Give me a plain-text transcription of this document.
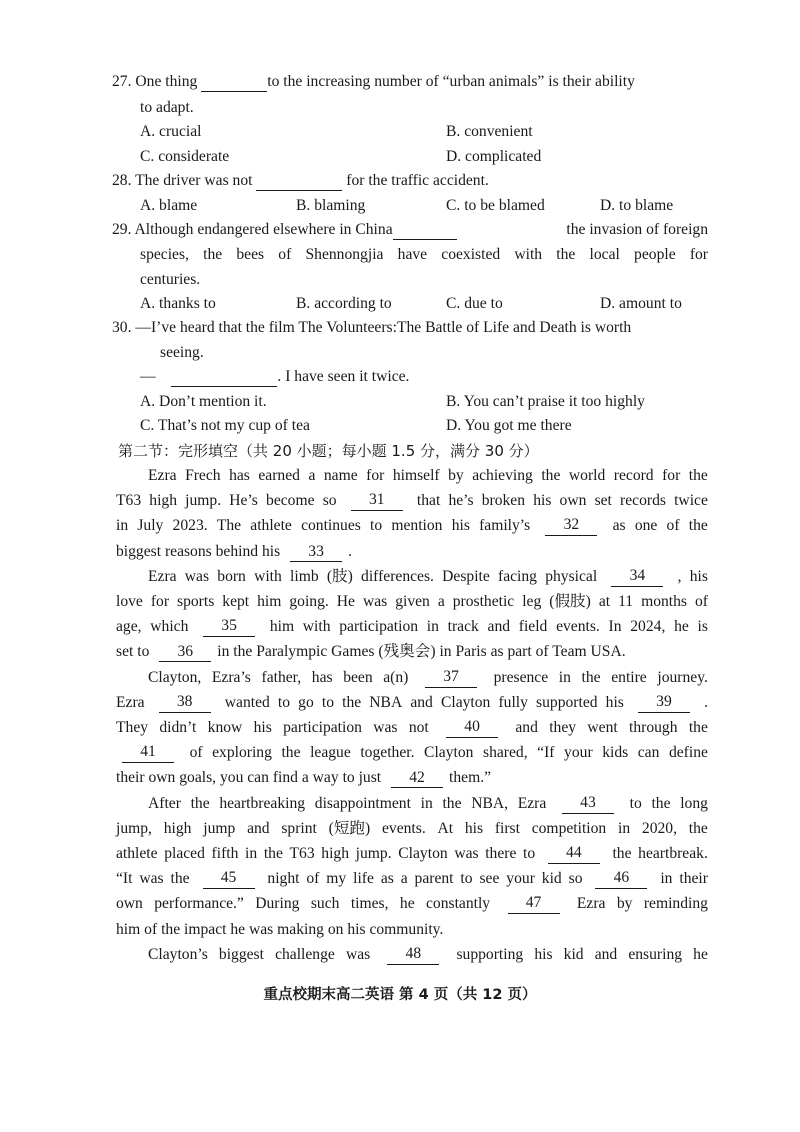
27. One thing	to the increasing number of “urban animals” is their ability
to adapt.
A. crucial	B. convenient
C. considerate	D. complicated
28. The driver was not	for the traffic accident.
A. blame	B. blaming	C. to be blamed	D. to blame
29. Although endangered elsewhere in China	the invasion of foreign
species, the bees of Shennongjia have coexisted with the local people for
centuries.
A. thanks to	B. according to	C. due to	D. amount to
30. —I’ve heard that the film The Volunteers:The Battle of Life and Death is worth
seeing.
—	. I have seen it twice.
A. Don’t mention it.	B. You can’t praise it too highly
C. That’s not my cup of tea	D. You got me there
第二节：完形填空（共 20 小题；每小题 1.5 分，满分 30 分）
Ezra Frech has earned a name for himself by achieving the world record for the
T63 high jump. He’s become so	31	that he’s broken his own set records twice
in July 2023. The athlete continues to mention his family’s	32	as one of the
biggest reasons behind his 33 .
Ezra was born with limb (肢) differences. Despite facing physical	34	, his
love for sports kept him going. He was given a prosthetic leg (假肢) at 11 months of
age, which	35	him with participation in track and field events. In 2024, he is
set to 36 in the Paralympic Games (残奥会) in Paris as part of Team USA.
Clayton, Ezra’s father, has been a(n)	37	presence in the entire journey.
Ezra	38	wanted to go to the NBA and Clayton fully supported his	39	.
They didn’t know his participation was not	40	and they went through the
41	of exploring the league together. Clayton shared, “If your kids can define
their own goals, you can find a way to just 42 them.”
After the heartbreaking disappointment in the NBA, Ezra	43	to the long
jump, high jump and sprint (短跑) events. At his first competition in 2020, the
athlete placed fifth in the T63 high jump. Clayton was there to	44	the heartbreak.
“It was the	45	night of my life as a parent to see your kid so	46	in their
own performance.” During such times, he constantly	47	Ezra by reminding
him of the impact he was making on his community.
Clayton’s biggest challenge was	48	supporting his kid and ensuring he
重点校期末高二英语 第 4 页（共 12 页）
